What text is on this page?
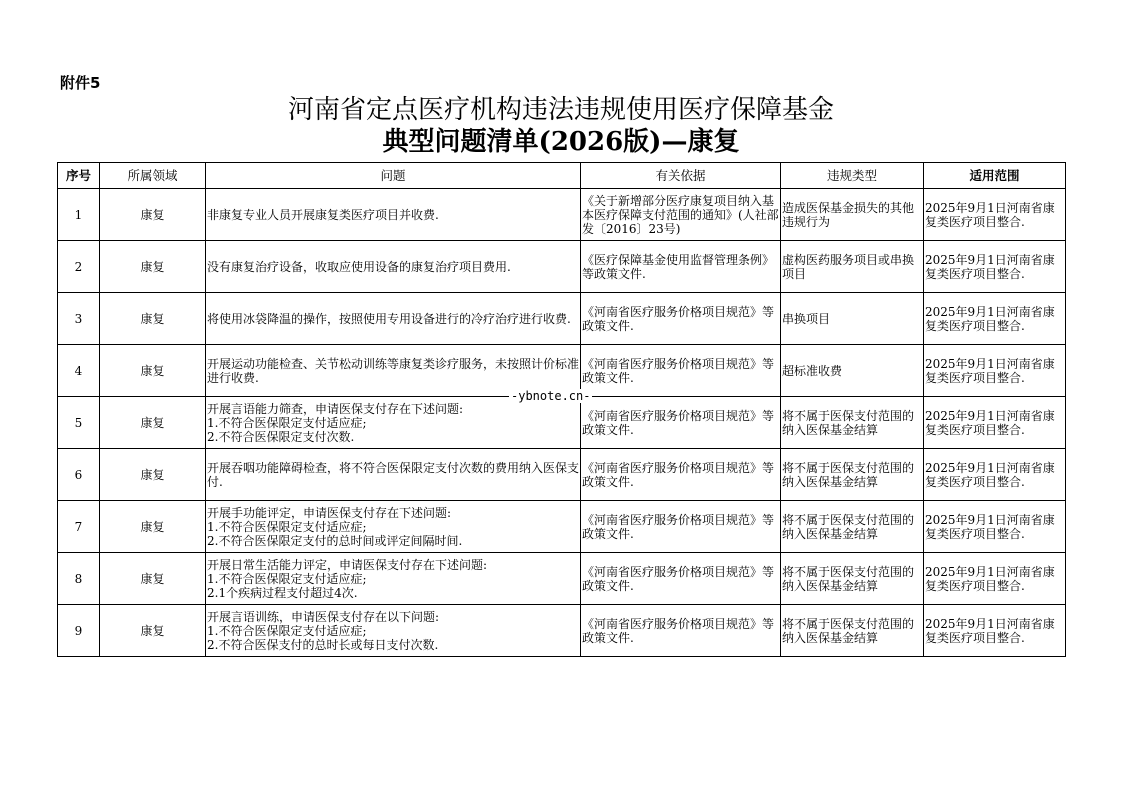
附件5
河南省定点医疗机构违法违规使用医疗保障基金
典型问题清单(2026版)—康复
序号	所属领域	问题	有关依据	违规类型	适用范围
1	康复	非康复专业人员开展康复类医疗项目并收费.	《关于新增部分医疗康复项目纳入基本医疗保障支付范围的通知》(人社部发〔2016〕23号)	造成医保基金损失的其他违规行为	2025年9月1日河南省康复类医疗项目整合.
2	康复	没有康复治疗设备，收取应使用设备的康复治疗项目费用.	《医疗保障基金使用监督管理条例》等政策文件.	虚构医药服务项目或串换项目	2025年9月1日河南省康复类医疗项目整合.
3	康复	将使用冰袋降温的操作，按照使用专用设备进行的冷疗治疗进行收费.	《河南省医疗服务价格项目规范》等政策文件.	串换项目	2025年9月1日河南省康复类医疗项目整合.
4	康复	开展运动功能检查、关节松动训练等康复类诊疗服务，未按照计价标准进行收费.	《河南省医疗服务价格项目规范》等政策文件.	超标准收费	2025年9月1日河南省康复类医疗项目整合.
5	康复	开展言语能力筛查，申请医保支付存在下述问题:
1.不符合医保限定支付适应症;
2.不符合医保限定支付次数.	《河南省医疗服务价格项目规范》等政策文件.	将不属于医保支付范围的纳入医保基金结算	2025年9月1日河南省康复类医疗项目整合.
6	康复	开展吞咽功能障碍检查，将不符合医保限定支付次数的费用纳入医保支付.	《河南省医疗服务价格项目规范》等政策文件.	将不属于医保支付范围的纳入医保基金结算	2025年9月1日河南省康复类医疗项目整合.
7	康复	开展手功能评定，申请医保支付存在下述问题:
1.不符合医保限定支付适应症;
2.不符合医保限定支付的总时间或评定间隔时间.	《河南省医疗服务价格项目规范》等政策文件.	将不属于医保支付范围的纳入医保基金结算	2025年9月1日河南省康复类医疗项目整合.
8	康复	开展日常生活能力评定，申请医保支付存在下述问题:
1.不符合医保限定支付适应症;
2.1个疾病过程支付超过4次.	《河南省医疗服务价格项目规范》等政策文件.	将不属于医保支付范围的纳入医保基金结算	2025年9月1日河南省康复类医疗项目整合.
9	康复	开展言语训练，申请医保支付存在以下问题:
1.不符合医保限定支付适应症;
2.不符合医保支付的总时长或每日支付次数.	《河南省医疗服务价格项目规范》等政策文件.	将不属于医保支付范围的纳入医保基金结算	2025年9月1日河南省康复类医疗项目整合.
-ybnote.cn-
